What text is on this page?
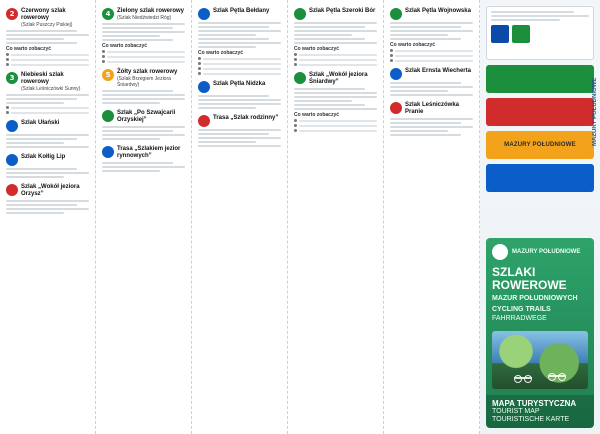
2	Czerwony szlak rowerowy
(Szlak Puszczy Piskiej)
Co warto zobaczyć
3	Niebieski szlak rowerowy
(Szlak Leśniczówki Sunny)
Szlak Ułański
Szlak Kołlig Lip
Szlak „Wokół jeziora Orzysz”
4	Zielony szlak rowerowy
(Szlak Niedźwiedzi Róg)
Co warto zobaczyć
5	Żółty szlak rowerowy
(Szlak Brzegiem Jeziora Śniardwy)
Szlak „Po Szwajcarii Orzyskiej”
Trasa „Szlakiem jezior rynnowych”
Szlak Pętla Bełdany
Co warto zobaczyć
Szlak Pętla Nidzka
Trasa „Szlak rodzinny”
Szlak Pętla Szeroki Bór
Co warto zobaczyć
Szlak „Wokół jeziora Śniardwy”
Co warto zobaczyć
Szlak Pętla Wojnowska
Co warto zobaczyć
Szlak Ernsta Wiecherta
Szlak Leśniczówka Pranie
MAZURY POŁUDNIOWE
MAZURY POŁUDNIOWE
SZLAKI ROWEROWE
MAZUR POŁUDNIOWYCH
CYCLING TRAILS
FAHRRADWEGE
MAPA TURYSTYCZNA
TOURIST MAP
TOURISTISCHE KARTE
MAZURY POŁUDNIOWE
